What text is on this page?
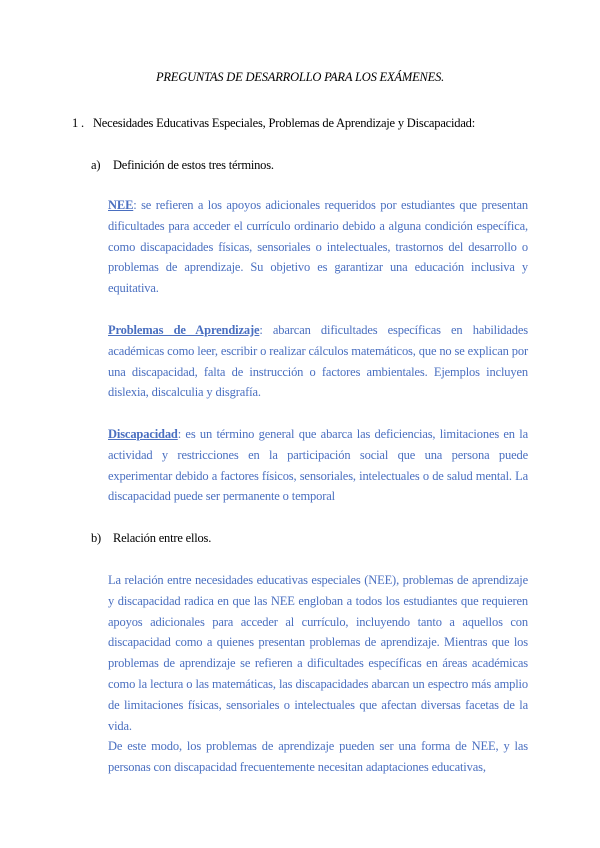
PREGUNTAS DE DESARROLLO PARA LOS EXÁMENES.
1 . Necesidades Educativas Especiales, Problemas de Aprendizaje y Discapacidad:
a) Definición de estos tres términos.
NEE: se refieren a los apoyos adicionales requeridos por estudiantes que presentan dificultades para acceder el currículo ordinario debido a alguna condición específica, como discapacidades físicas, sensoriales o intelectuales, trastornos del desarrollo o problemas de aprendizaje. Su objetivo es garantizar una educación inclusiva y equitativa.
Problemas de Aprendizaje: abarcan dificultades específicas en habilidades académicas como leer, escribir o realizar cálculos matemáticos, que no se explican por una discapacidad, falta de instrucción o factores ambientales. Ejemplos incluyen dislexia, discalculia y disgrafía.
Discapacidad: es un término general que abarca las deficiencias, limitaciones en la actividad y restricciones en la participación social que una persona puede experimentar debido a factores físicos, sensoriales, intelectuales o de salud mental. La discapacidad puede ser permanente o temporal
b) Relación entre ellos.
La relación entre necesidades educativas especiales (NEE), problemas de aprendizaje y discapacidad radica en que las NEE engloban a todos los estudiantes que requieren apoyos adicionales para acceder al currículo, incluyendo tanto a aquellos con discapacidad como a quienes presentan problemas de aprendizaje. Mientras que los problemas de aprendizaje se refieren a dificultades específicas en áreas académicas como la lectura o las matemáticas, las discapacidades abarcan un espectro más amplio de limitaciones físicas, sensoriales o intelectuales que afectan diversas facetas de la vida.
De este modo, los problemas de aprendizaje pueden ser una forma de NEE, y las personas con discapacidad frecuentemente necesitan adaptaciones educativas,
